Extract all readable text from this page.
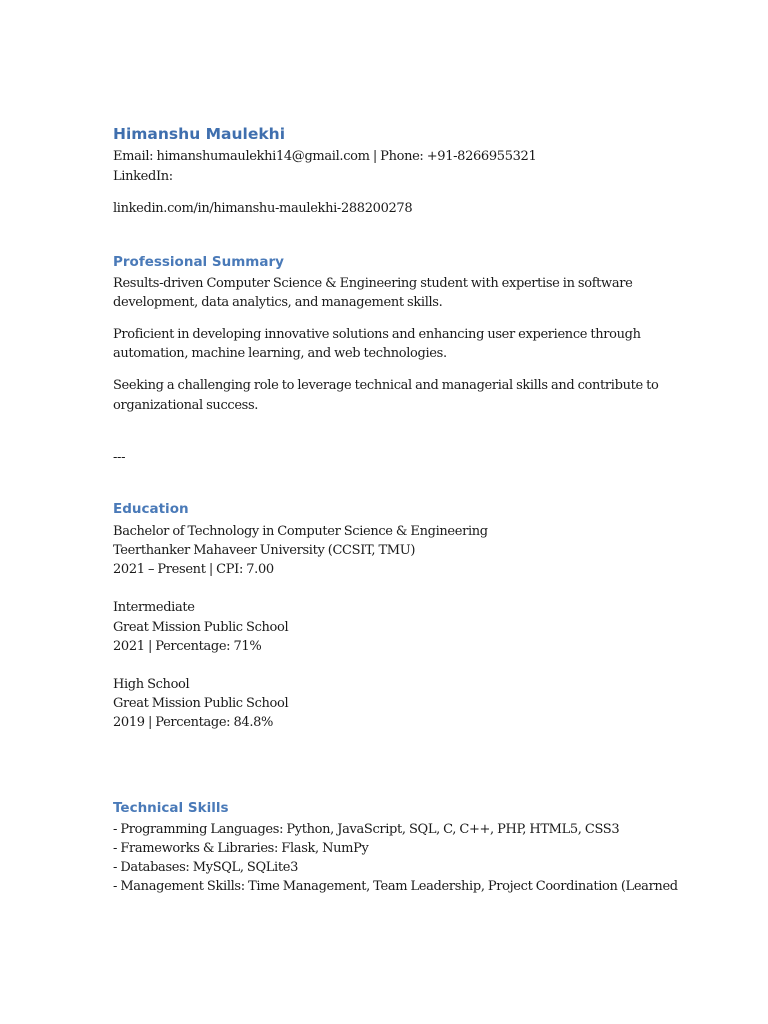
Himanshu Maulekhi
Email: himanshumaulekhi14@gmail.com | Phone: +91-8266955321
LinkedIn:
linkedin.com/in/himanshu-maulekhi-288200278
Professional Summary
Results-driven Computer Science & Engineering student with expertise in software
development, data analytics, and management skills.
Proficient in developing innovative solutions and enhancing user experience through
automation, machine learning, and web technologies.
Seeking a challenging role to leverage technical and managerial skills and contribute to
organizational success.
---
Education
Bachelor of Technology in Computer Science & Engineering
Teerthanker Mahaveer University (CCSIT, TMU)
2021 – Present | CPI: 7.00
Intermediate
Great Mission Public School
2021 | Percentage: 71%
High School
Great Mission Public School
2019 | Percentage: 84.8%
Technical Skills
- Programming Languages: Python, JavaScript, SQL, C, C++, PHP, HTML5, CSS3
- Frameworks & Libraries: Flask, NumPy
- Databases: MySQL, SQLite3
- Management Skills: Time Management, Team Leadership, Project Coordination (Learned
